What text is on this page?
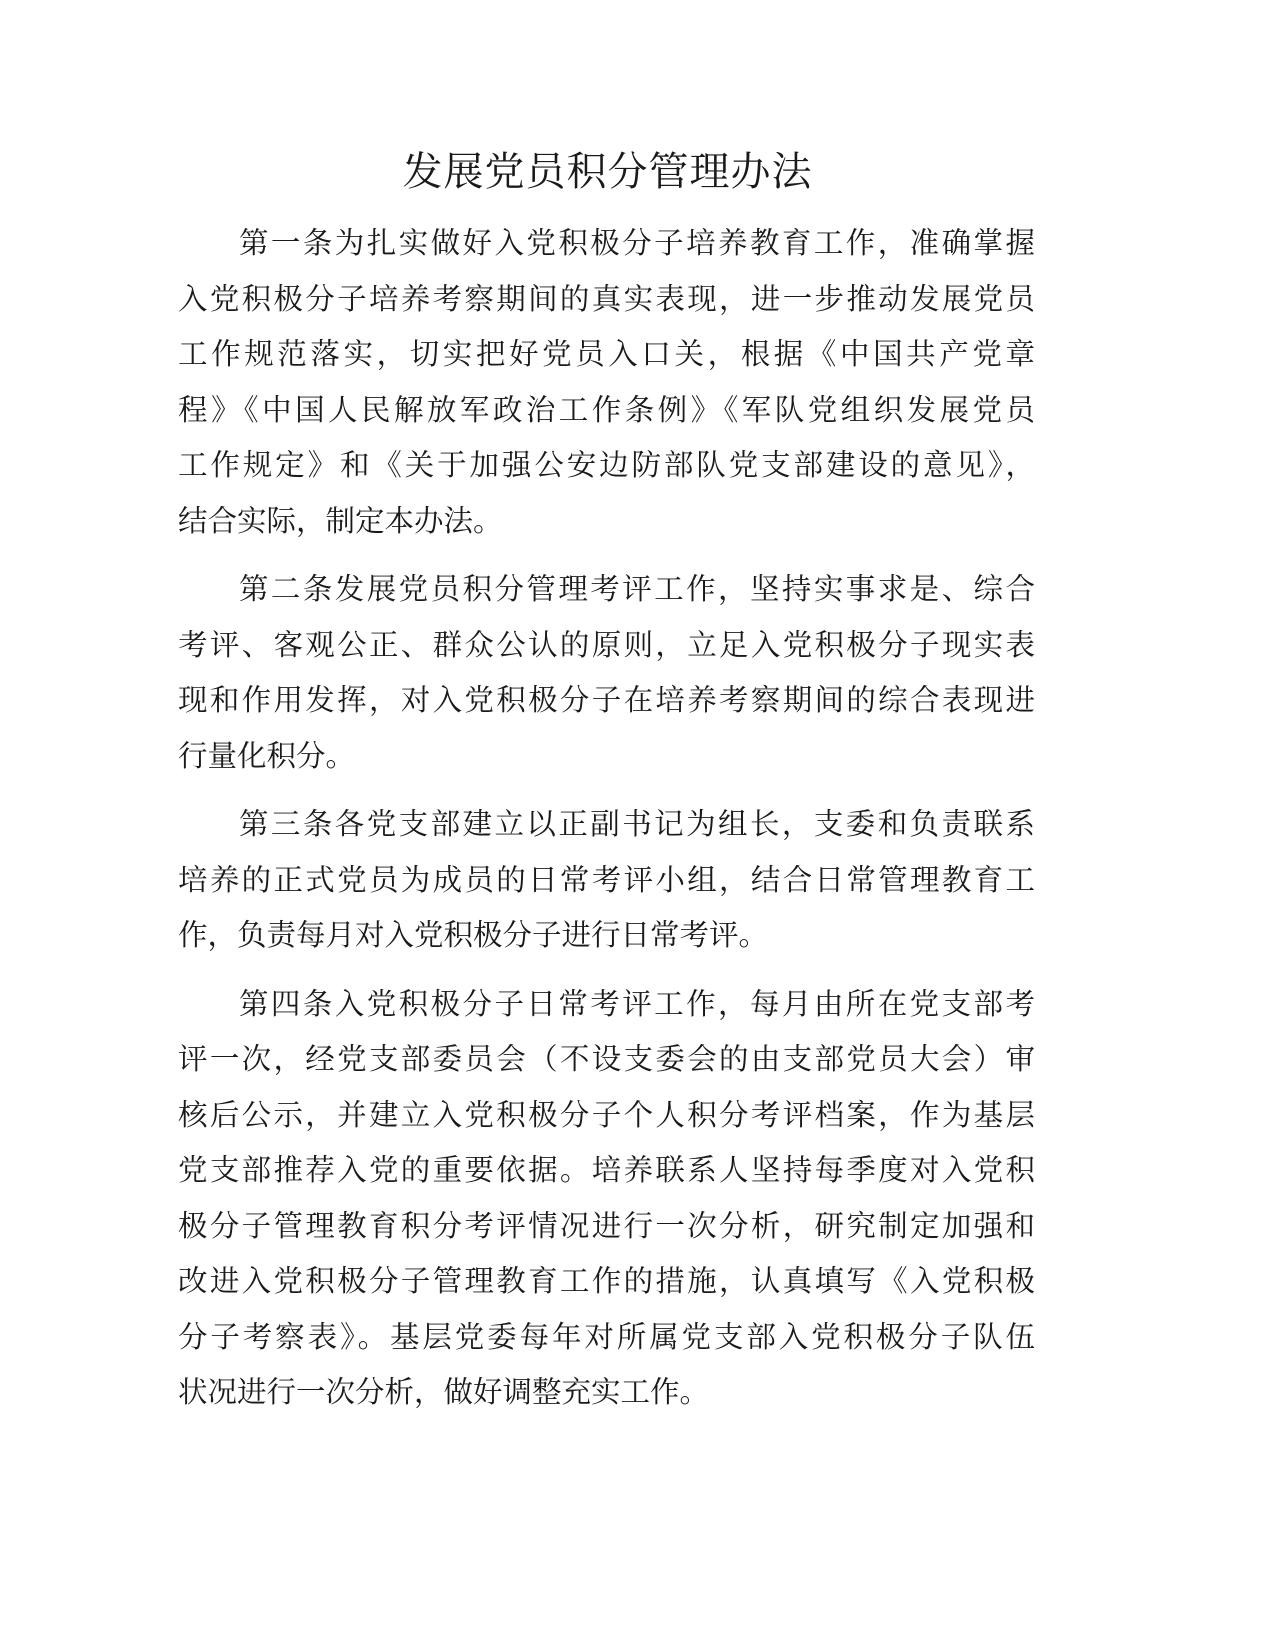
发展党员积分管理办法
第一条为扎实做好入党积极分子培养教育工作，准确掌握
入党积极分子培养考察期间的真实表现，进一步推动发展党员
工作规范落实，切实把好党员入口关，根据《中国共产党章
程》《中国人民解放军政治工作条例》《军队党组织发展党员
工作规定》和《关于加强公安边防部队党支部建设的意见》，
结合实际，制定本办法。
第二条发展党员积分管理考评工作，坚持实事求是、综合
考评、客观公正、群众公认的原则，立足入党积极分子现实表
现和作用发挥，对入党积极分子在培养考察期间的综合表现进
行量化积分。
第三条各党支部建立以正副书记为组长，支委和负责联系
培养的正式党员为成员的日常考评小组，结合日常管理教育工
作，负责每月对入党积极分子进行日常考评。
第四条入党积极分子日常考评工作，每月由所在党支部考
评一次，经党支部委员会（不设支委会的由支部党员大会）审
核后公示，并建立入党积极分子个人积分考评档案，作为基层
党支部推荐入党的重要依据。培养联系人坚持每季度对入党积
极分子管理教育积分考评情况进行一次分析，研究制定加强和
改进入党积极分子管理教育工作的措施，认真填写《入党积极
分子考察表》。基层党委每年对所属党支部入党积极分子队伍
状况进行一次分析，做好调整充实工作。
